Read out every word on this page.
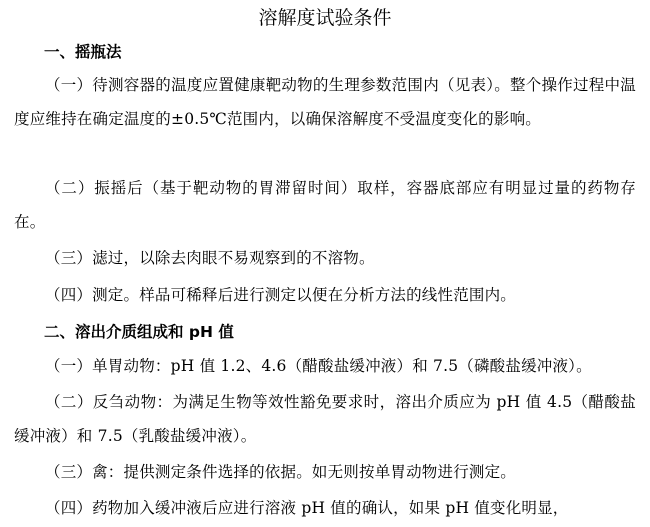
溶解度试验条件
一、摇瓶法

（一）待测容器的温度应置健康靶动物的生理参数范围内（见表）。整个操作过程中温度应维持在确定温度的±0.5℃范围内，以确保溶解度不受温度变化的影响。

（二）振摇后（基于靶动物的胃滞留时间）取样，容器底部应有明显过量的药物存在。

（三）滤过，以除去肉眼不易观察到的不溶物。

（四）测定。样品可稀释后进行测定以便在分析方法的线性范围内。

二、溶出介质组成和 pH 值

（一）单胃动物：pH 值 1.2、4.6（醋酸盐缓冲液）和 7.5（磷酸盐缓冲液）。

（二）反刍动物：为满足生物等效性豁免要求时，溶出介质应为 pH 值 4.5（醋酸盐缓冲液）和 7.5（乳酸盐缓冲液）。

（三）禽：提供测定条件选择的依据。如无则按单胃动物进行测定。

（四）药物加入缓冲液后应进行溶液 pH 值的确认，如果 pH 值变化明显，
